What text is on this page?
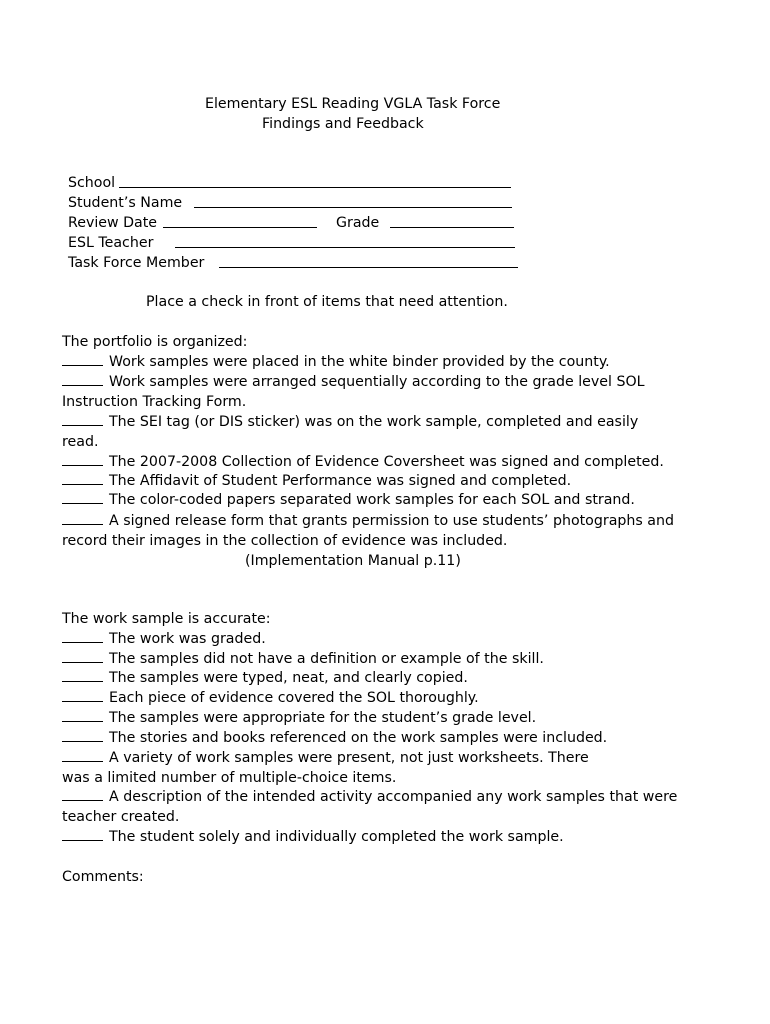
Elementary ESL Reading VGLA Task Force
Findings and Feedback
School
Student’s Name
Review Date	Grade
ESL Teacher
Task Force Member
Place a check in front of items that need attention.
The portfolio is organized:
Work samples were placed in the white binder provided by the county.
Work samples were arranged sequentially according to the grade level SOL
Instruction Tracking Form.
The SEI tag (or DIS sticker) was on the work sample, completed and easily
read.
The 2007-2008 Collection of Evidence Coversheet was signed and completed.
The Affidavit of Student Performance was signed and completed.
The color-coded papers separated work samples for each SOL and strand.
A signed release form that grants permission to use students’ photographs and
record their images in the collection of evidence was included.
(Implementation Manual p.11)
The work sample is accurate:
The work was graded.
The samples did not have a definition or example of the skill.
The samples were typed, neat, and clearly copied.
Each piece of evidence covered the SOL thoroughly.
The samples were appropriate for the student’s grade level.
The stories and books referenced on the work samples were included.
A variety of work samples were present, not just worksheets. There
was a limited number of multiple-choice items.
A description of the intended activity accompanied any work samples that were
teacher created.
The student solely and individually completed the work sample.
Comments:
